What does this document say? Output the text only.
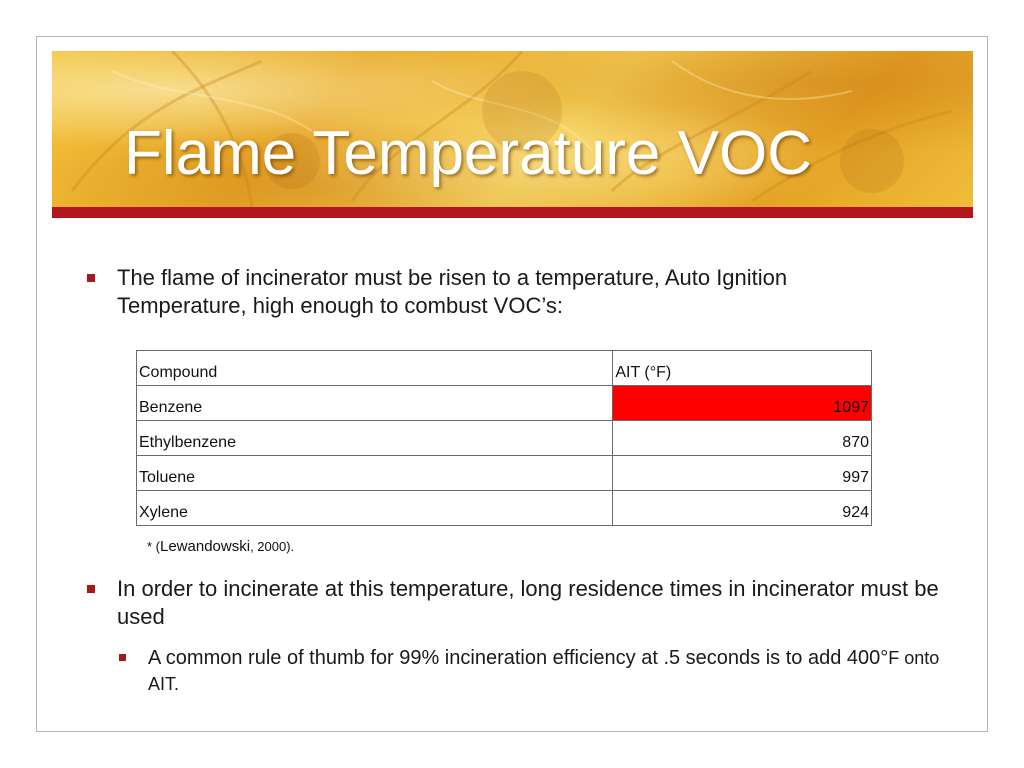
Flame Temperature VOC
The flame of incinerator must be risen to a temperature, Auto Ignition Temperature, high enough to combust VOC’s:
Compound	AIT (°F)
Benzene	1097
Ethylbenzene	870
Toluene	997
Xylene	924
* (Lewandowski, 2000).
In order to incinerate at this temperature, long residence times in incinerator must be used
A common rule of thumb for 99% incineration efficiency at .5 seconds is to add 400°F onto AIT.
